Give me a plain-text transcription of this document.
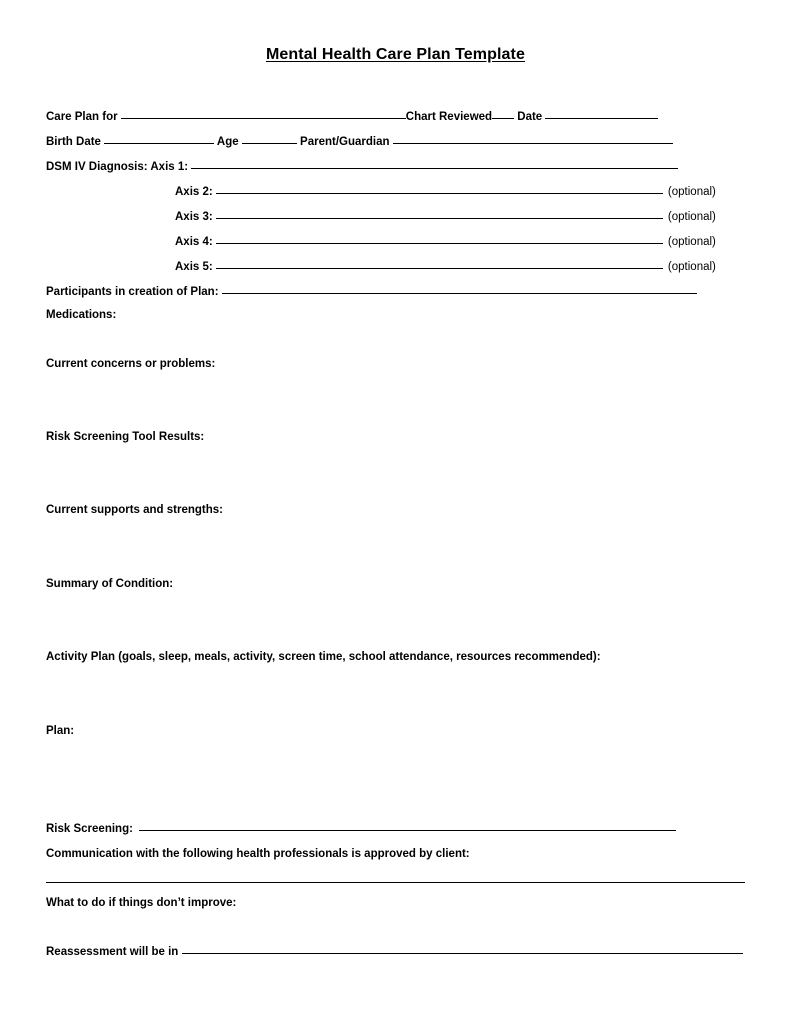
Mental Health Care Plan Template
Care Plan for	Chart Reviewed Date
Birth Date	Age	Parent/Guardian
DSM IV Diagnosis: Axis 1:
Axis 2:	(optional)
Axis 3:	(optional)
Axis 4:	(optional)
Axis 5:	(optional)
Participants in creation of Plan:
Medications:
Current concerns or problems:
Risk Screening Tool Results:
Current supports and strengths:
Summary of Condition:
Activity Plan (goals, sleep, meals, activity, screen time, school attendance, resources recommended):
Plan:
Risk Screening:
Communication with the following health professionals is approved by client:
What to do if things don’t improve:
Reassessment will be in
